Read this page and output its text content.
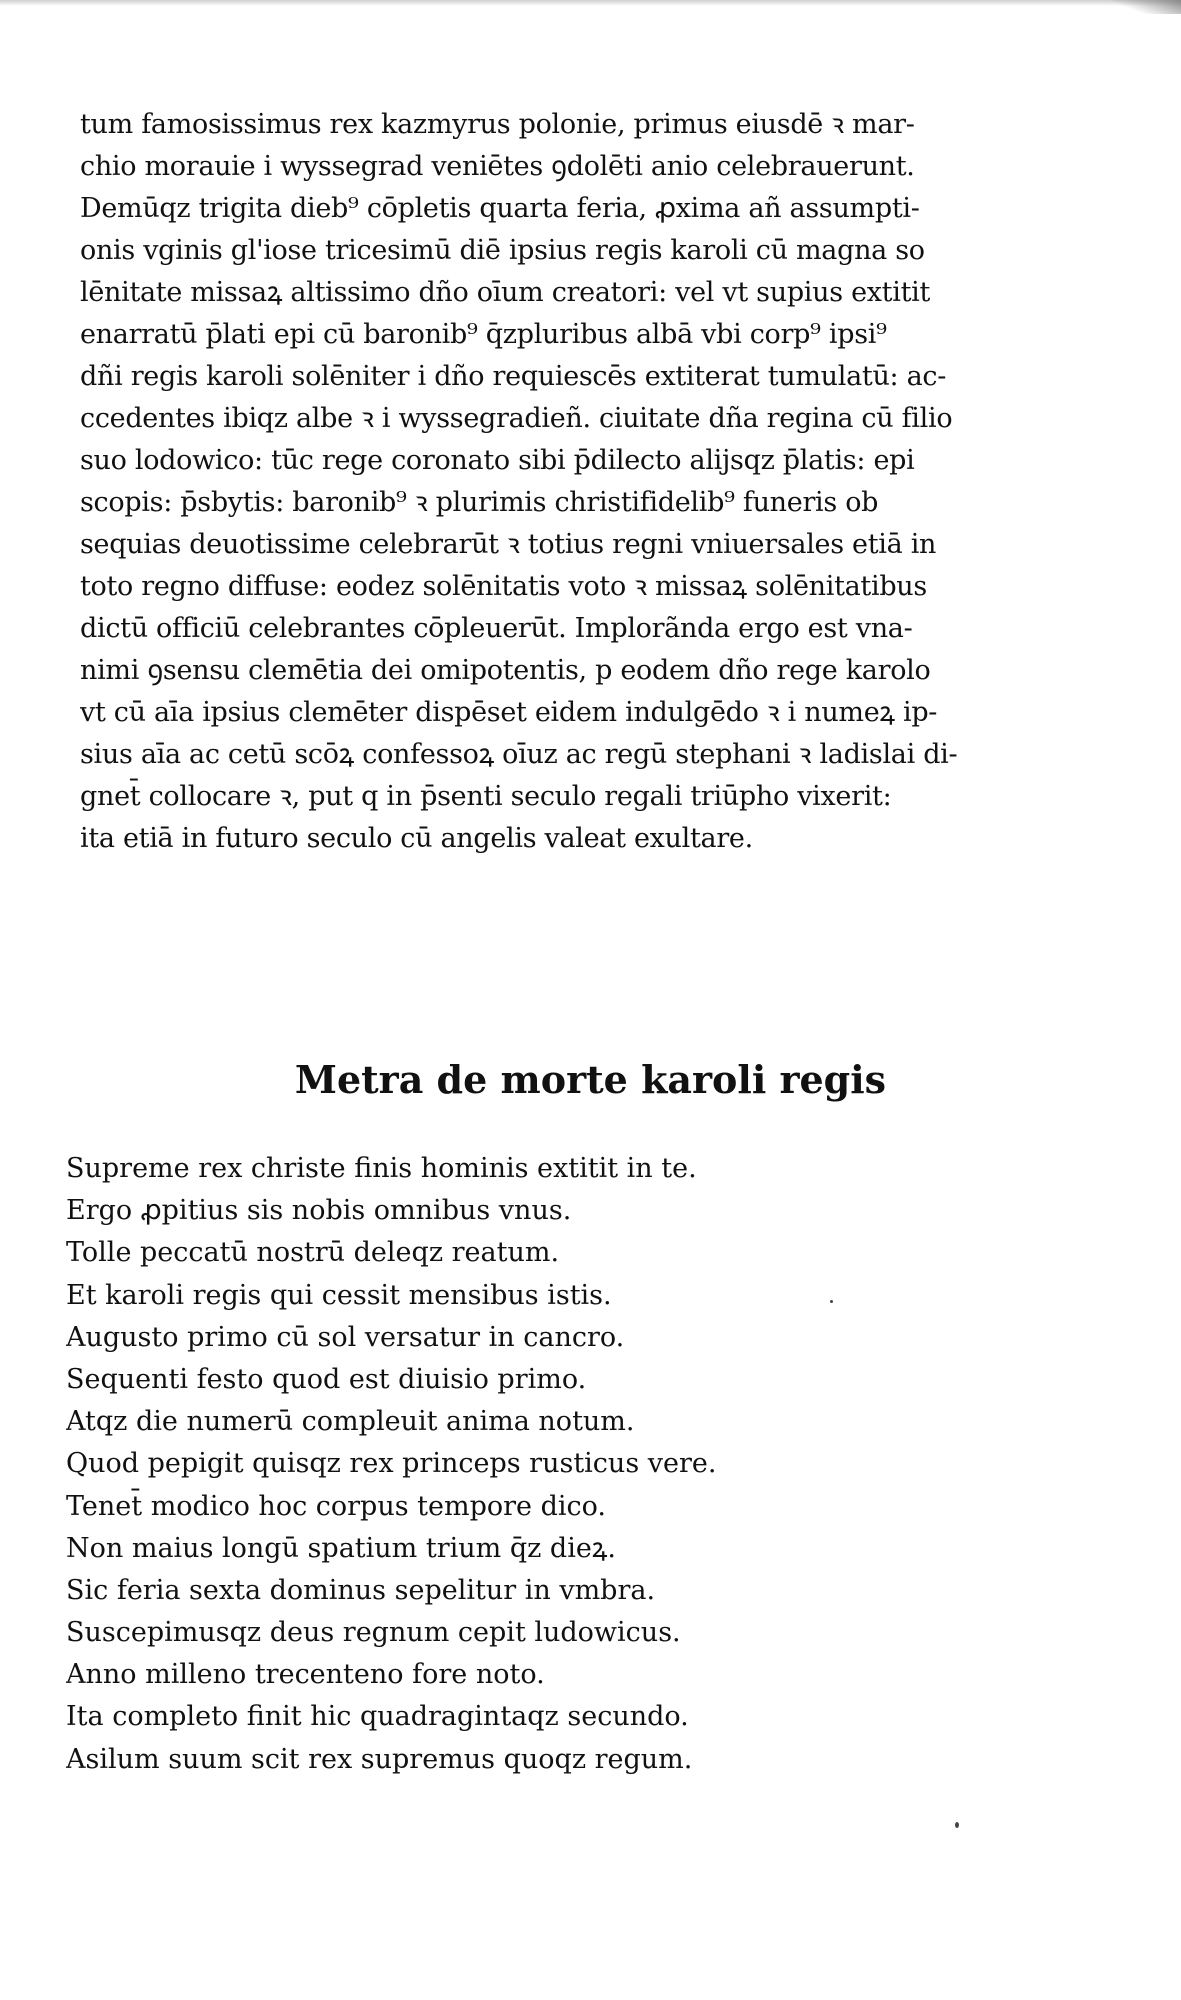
tum famosissimus rex kazmyrus polonie, primus eiusdē ꝛ mar-
chio morauie i wyssegrad veniētes ꝯdolēti anio celebrauerunt.
Demūqz trigita dieb⁹ cōpletis quarta feria, ꝓxima añ assumpti-
onis vginis gl'iose tricesimū diē ipsius regis karoli cū magna so
lēnitate missaꝝ altissimo dño oīum creatori: vel vt supius extitit
enarratū p̄lati epi cū baronib⁹ q̄zpluribus albā vbi corp⁹ ipsi⁹
dñi regis karoli solēniter i dño requiescēs extiterat tumulatū: ac-
ccedentes ibiqz albe ꝛ i wyssegradieñ. ciuitate dña regina cū filio
suo lodowico: tūc rege coronato sibi p̄dilecto alijsqz p̄latis: epi
scopis: p̄sbytis: baronib⁹ ꝛ plurimis christifidelib⁹ funeris ob
sequias deuotissime celebrarūt ꝛ totius regni vniuersales etiā in
toto regno diffuse: eodez solēnitatis voto ꝛ missaꝝ solēnitatibus
dictū officiū celebrantes cōpleuerūt. Implorãnda ergo est vna-
nimi ꝯsensu clemētia dei omipotentis, p eodem dño rege karolo
vt cū aīa ipsius clemēter dispēset eidem indulgēdo ꝛ i numeꝝ ip-
sius aīa ac cetū scōꝝ confessoꝝ oīuz ac regū stephani ꝛ ladislai di-
gnet̄ collocare ꝛ, put q in p̄senti seculo regali triūpho vixerit:
ita etiā in futuro seculo cū angelis valeat exultare.
Metra de morte karoli regis
Supreme rex christe finis hominis extitit in te.
Ergo ꝓpitius sis nobis omnibus vnus.
Tolle peccatū nostrū deleqz reatum.
Et karoli regis qui cessit mensibus istis.
Augusto primo cū sol versatur in cancro.
Sequenti festo quod est diuisio primo.
Atqz die numerū compleuit anima notum.
Quod pepigit quisqz rex princeps rusticus vere.
Tenet̄ modico hoc corpus tempore dico.
Non maius longū spatium trium q̄z dieꝝ.
Sic feria sexta dominus sepelitur in vmbra.
Suscepimusqz deus regnum cepit ludowicus.
Anno milleno trecenteno fore noto.
Ita completo finit hic quadragintaqz secundo.
Asilum suum scit rex supremus quoqz regum.
